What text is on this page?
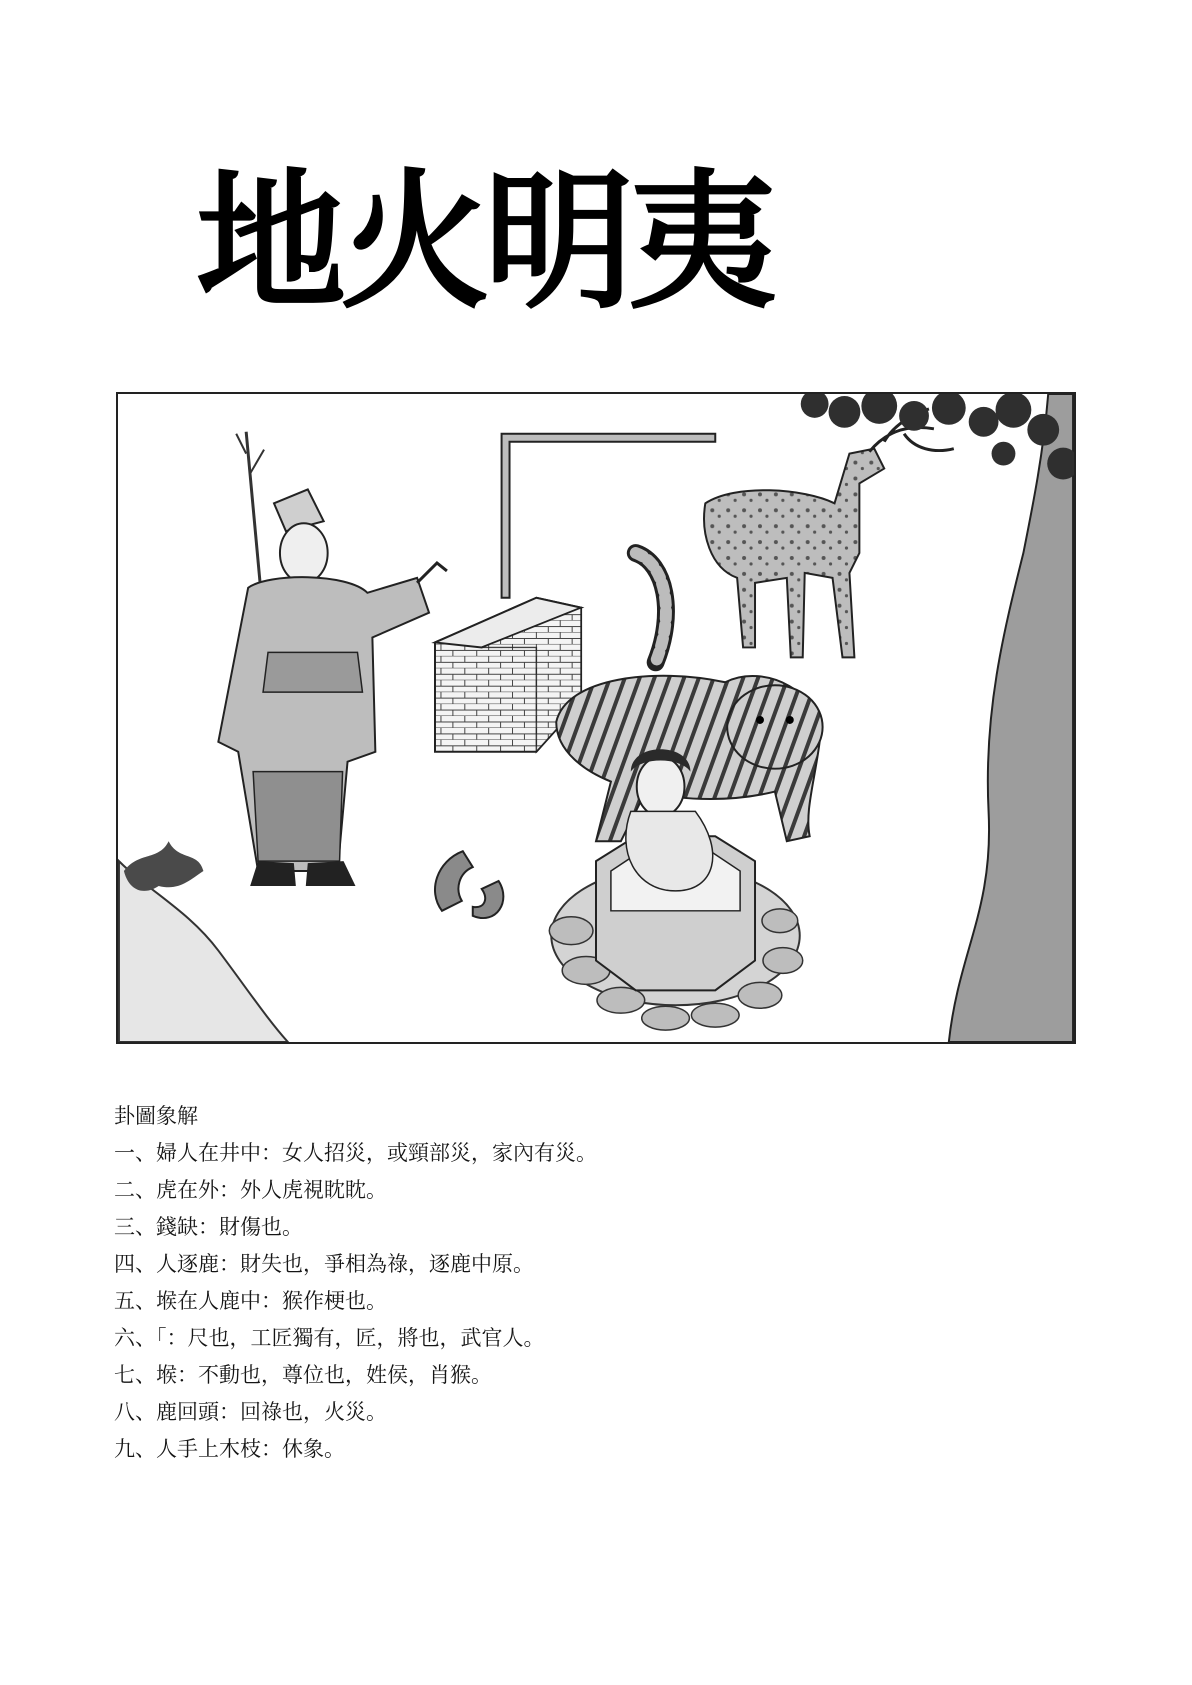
地火明夷
卦圖象解
一、婦人在井中：女人招災，或頸部災，家內有災。
二、虎在外：外人虎視眈眈。
三、錢缺：財傷也。
四、人逐鹿：財失也，爭相為祿，逐鹿中原。
五、堠在人鹿中：猴作梗也。
六、「：尺也，工匠獨有，匠，將也，武官人。
七、堠：不動也，尊位也，姓侯，肖猴。
八、鹿回頭：回祿也，火災。
九、人手上木枝：休象。
